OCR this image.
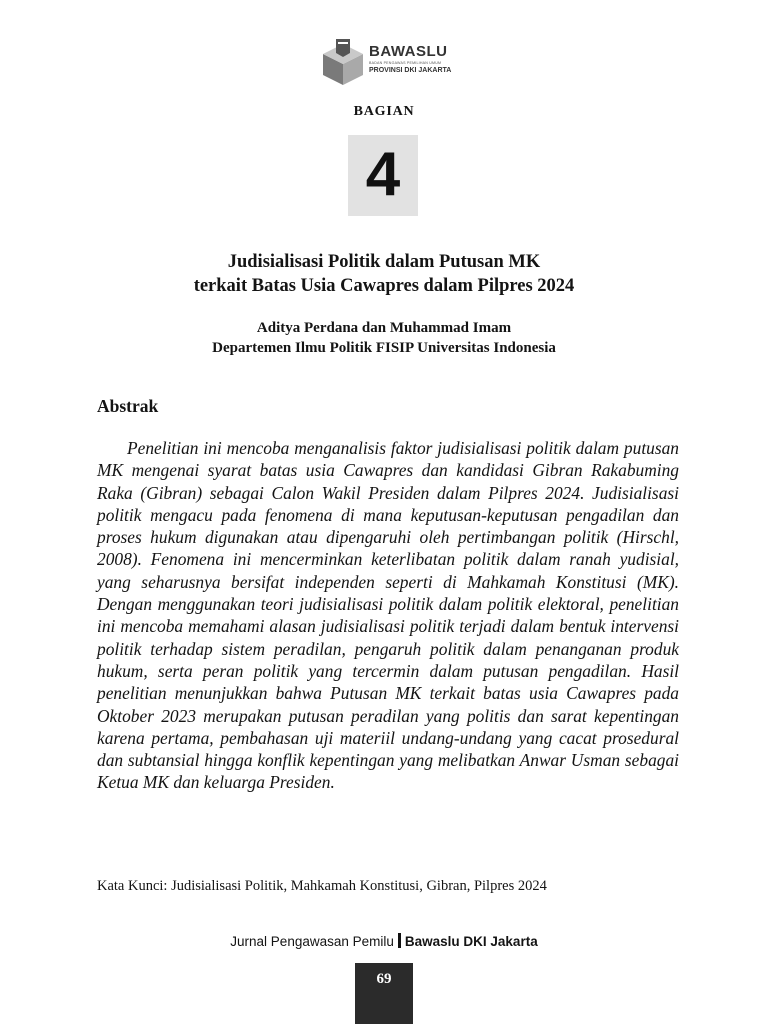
BAWASLU
BADAN PENGAWAS PEMILIHAN UMUM
PROVINSI DKI JAKARTA
BAGIAN
4
Judisialisasi Politik dalam Putusan MK
terkait Batas Usia Cawapres dalam Pilpres 2024
Aditya Perdana dan Muhammad Imam
Departemen Ilmu Politik FISIP Universitas Indonesia
Abstrak

Penelitian ini mencoba menganalisis faktor judisialisasi politik dalam putusan MK mengenai syarat batas usia Cawapres dan kandidasi Gibran Rakabuming Raka (Gibran) sebagai Calon Wakil Presiden dalam Pilpres 2024. Judisialisasi politik mengacu pada fenomena di mana keputusan-keputusan pengadilan dan proses hukum digunakan atau dipengaruhi oleh pertimbangan politik (Hirschl, 2008). Fenomena ini mencerminkan keterlibatan politik dalam ranah yudisial, yang seharusnya bersifat independen seperti di Mahkamah Konstitusi (MK). Dengan menggunakan teori judisialisasi politik dalam politik elektoral, penelitian ini mencoba memahami alasan judisialisasi politik terjadi dalam bentuk intervensi politik terhadap sistem peradilan, pengaruh politik dalam penanganan produk hukum, serta peran politik yang tercermin dalam putusan pengadilan. Hasil penelitian menunjukkan bahwa Putusan MK terkait batas usia Cawapres pada Oktober 2023 merupakan putusan peradilan yang politis dan sarat kepentingan karena pertama, pembahasan uji materiil undang-undang yang cacat prosedural dan subtansial hingga konflik kepentingan yang melibatkan Anwar Usman sebagai Ketua MK dan keluarga Presiden.

Kata Kunci: Judisialisasi Politik, Mahkamah Konstitusi, Gibran, Pilpres 2024
Jurnal Pengawasan Pemilu Bawaslu DKI Jakarta
69
